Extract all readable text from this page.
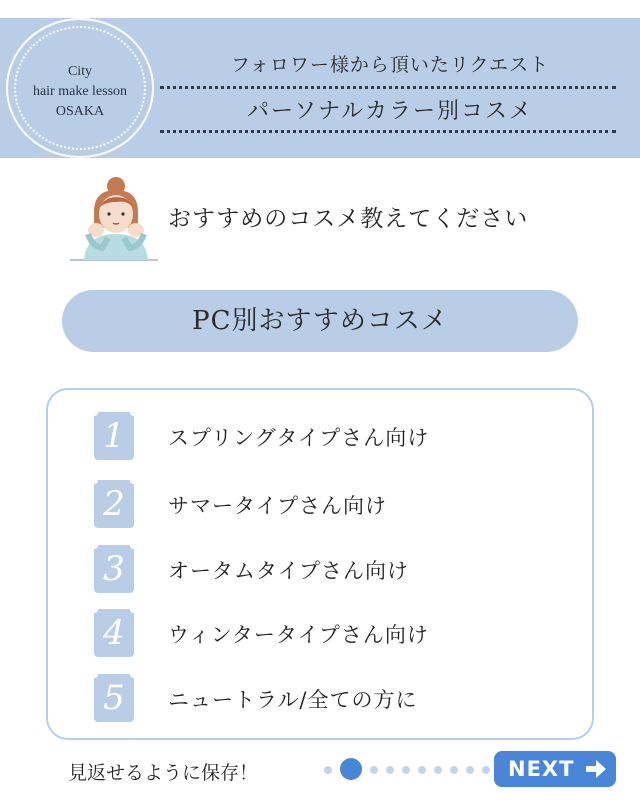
City
hair make lesson
OSAKA
フォロワー様から頂いたリクエスト
パーソナルカラー別コスメ
おすすめのコスメ教えてください
PC別おすすめコスメ
1	スプリングタイプさん向け
2	サマータイプさん向け
3	オータムタイプさん向け
4	ウィンタータイプさん向け
5	ニュートラル/全ての方に
見返せるように保存！	NEXT
